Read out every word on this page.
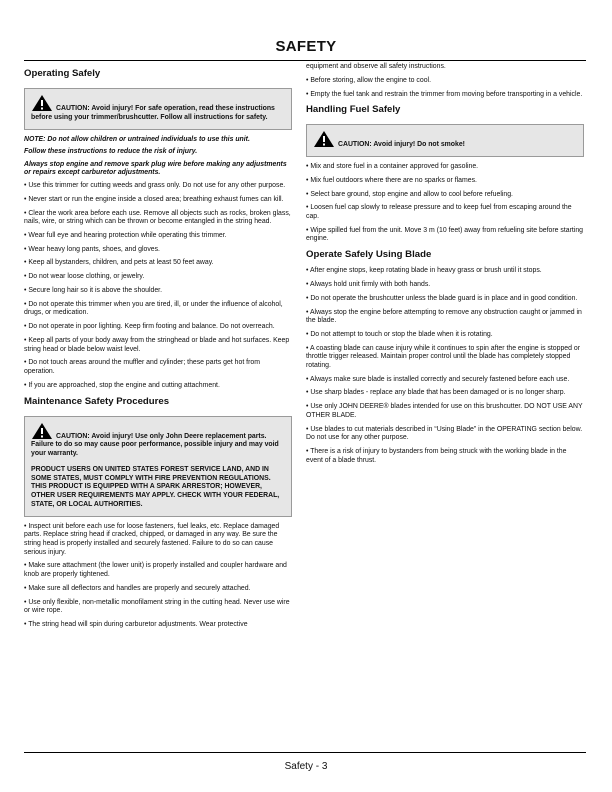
SAFETY
Operating Safely

CAUTION: Avoid injury! For safe operation, read these instructions before using your trimmer/brushcutter. Follow all instructions for safety.

NOTE: Do not allow children or untrained individuals to use this unit.

Follow these instructions to reduce the risk of injury.

Always stop engine and remove spark plug wire before making any adjustments or repairs except carburetor adjustments.

• Use this trimmer for cutting weeds and grass only. Do not use for any other purpose.

• Never start or run the engine inside a closed area; breathing exhaust fumes can kill.

• Clear the work area before each use. Remove all objects such as rocks, broken glass, nails, wire, or string which can be thrown or become entangled in the string head.

• Wear full eye and hearing protection while operating this trimmer.

• Wear heavy long pants, shoes, and gloves.

• Keep all bystanders, children, and pets at least 50 feet away.

• Do not wear loose clothing, or jewelry.

• Secure long hair so it is above the shoulder.

• Do not operate this trimmer when you are tired, ill, or under the influence of alcohol, drugs, or medication.

• Do not operate in poor lighting. Keep firm footing and balance. Do not overreach.

• Keep all parts of your body away from the stringhead or blade and hot surfaces. Keep string head or blade below waist level.

• Do not touch areas around the muffler and cylinder; these parts get hot from operation.

• If you are approached, stop the engine and cutting attachment.

Maintenance Safety Procedures

CAUTION: Avoid injury! Use only John Deere replacement parts. Failure to do so may cause poor performance, possible injury and may void your warranty.

PRODUCT USERS ON UNITED STATES FOREST SERVICE LAND, AND IN SOME STATES, MUST COMPLY WITH FIRE PREVENTION REGULATIONS. THIS PRODUCT IS EQUIPPED WITH A SPARK ARRESTOR; HOWEVER, OTHER USER REQUIREMENTS MAY APPLY. CHECK WITH YOUR FEDERAL, STATE, OR LOCAL AUTHORITIES.

• Inspect unit before each use for loose fasteners, fuel leaks, etc. Replace damaged parts. Replace string head if cracked, chipped, or damaged in any way. Be sure the string head is properly installed and securely fastened. Failure to do so can cause serious injury.

• Make sure attachment (the lower unit) is properly installed and coupler hardware and knob are properly tightened.

• Make sure all deflectors and handles are properly and securely attached.

• Use only flexible, non-metallic monofilament string in the cutting head. Never use wire or wire rope.

• The string head will spin during carburetor adjustments. Wear protective

equipment and observe all safety instructions.

• Before storing, allow the engine to cool.

• Empty the fuel tank and restrain the trimmer from moving before transporting in a vehicle.

Handling Fuel Safely

CAUTION: Avoid injury! Do not smoke!

• Mix and store fuel in a container approved for gasoline.

• Mix fuel outdoors where there are no sparks or flames.

• Select bare ground, stop engine and allow to cool before refueling.

• Loosen fuel cap slowly to release pressure and to keep fuel from escaping around the cap.

• Wipe spilled fuel from the unit. Move 3 m (10 feet) away from refueling site before starting engine.

Operate Safely Using Blade

• After engine stops, keep rotating blade in heavy grass or brush until it stops.

• Always hold unit firmly with both hands.

• Do not operate the brushcutter unless the blade guard is in place and in good condition.

• Always stop the engine before attempting to remove any obstruction caught or jammed in the blade.

• Do not attempt to touch or stop the blade when it is rotating.

• A coasting blade can cause injury while it continues to spin after the engine is stopped or throttle trigger released. Maintain proper control until the blade has completely stopped rotating.

• Always make sure blade is installed correctly and securely fastened before each use.

• Use sharp blades - replace any blade that has been damaged or is no longer sharp.

• Use only JOHN DEERE® blades intended for use on this brushcutter. DO NOT USE ANY OTHER BLADE.

• Use blades to cut materials described in “Using Blade” in the OPERATING section below. Do not use for any other purpose.

• There is a risk of injury to bystanders from being struck with the working blade in the event of a blade thrust.

Safety - 3
